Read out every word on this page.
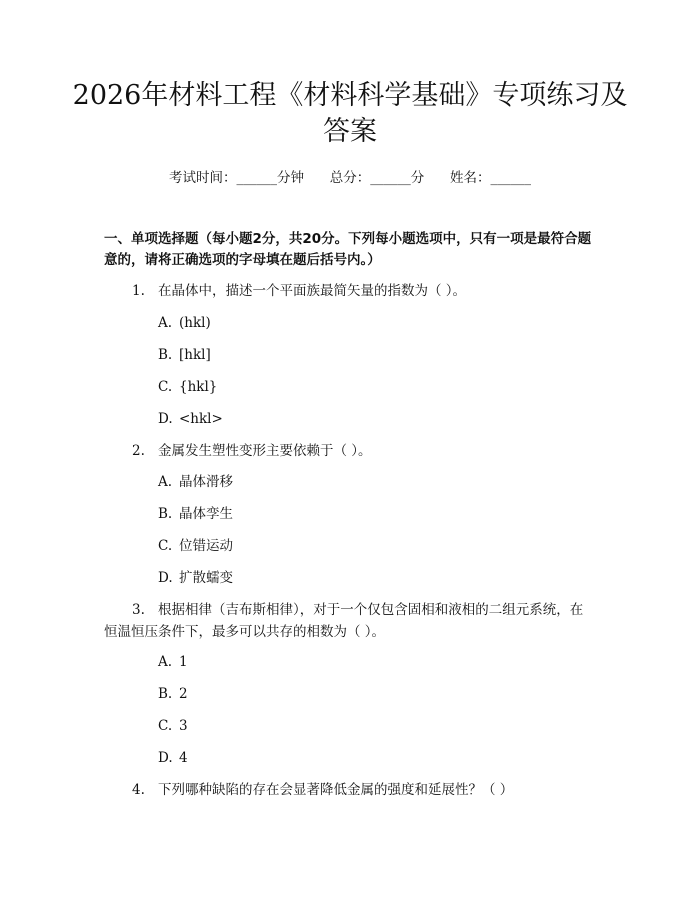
2026年材料工程《材料科学基础》专项练习及答案
考试时间：______分钟      总分：______分      姓名：______

一、单项选择题（每小题2分，共20分。下列每小题选项中，只有一项是最符合题意的，请将正确选项的字母填在题后括号内。）

1. 在晶体中，描述一个平面族最简矢量的指数为（ ）。

A. (hkl)

B. [hkl]

C. {hkl}

D. <hkl>

2. 金属发生塑性变形主要依赖于（ ）。

A. 晶体滑移

B. 晶体孪生

C. 位错运动

D. 扩散蠕变

3. 根据相律（吉布斯相律），对于一个仅包含固相和液相的二组元系统，在恒温恒压条件下，最多可以共存的相数为（ ）。

A. 1

B. 2

C. 3

D. 4

4. 下列哪种缺陷的存在会显著降低金属的强度和延展性？（ ）
